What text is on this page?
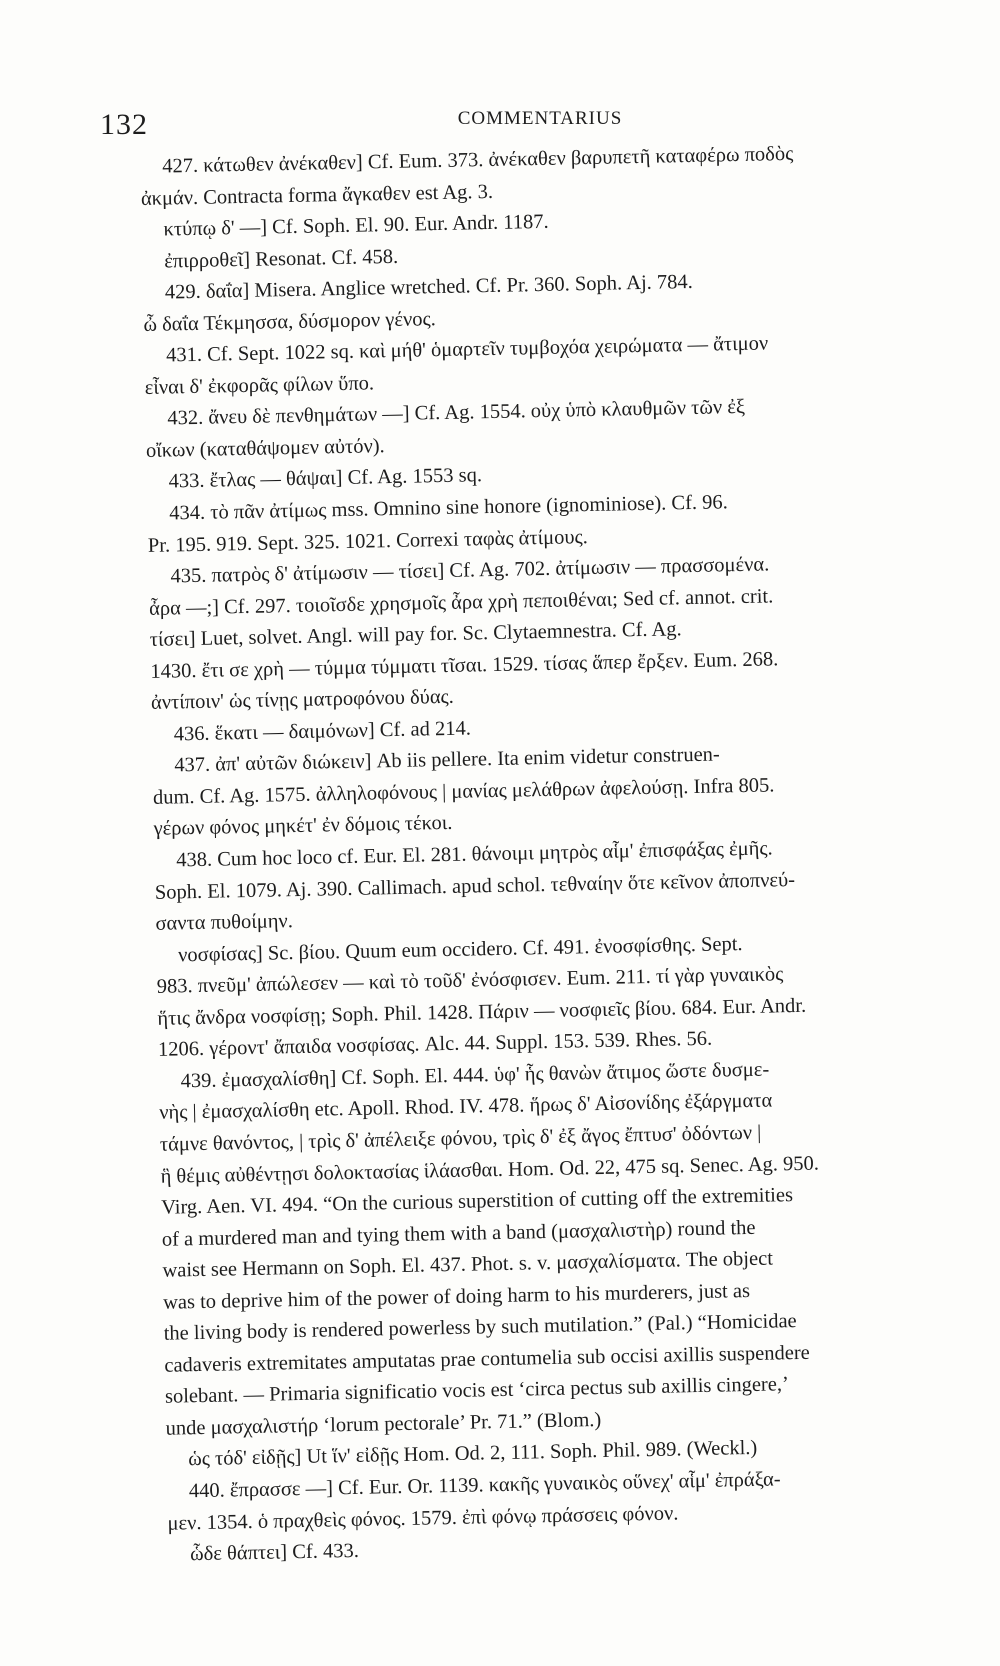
132	COMMENTARIUS
427. κάτωθεν ἀνέκαθεν] Cf. Eum. 373. ἀνέκαθεν βαρυπετῆ καταφέρω ποδὸς
ἀκμάν. Contracta forma ἄγκαθεν est Ag. 3.
κτύπῳ δ' —] Cf. Soph. El. 90. Eur. Andr. 1187.
ἐπιρροθεῖ] Resonat. Cf. 458.
429. δαΐα] Misera. Anglice wretched. Cf. Pr. 360. Soph. Aj. 784.
ὦ δαΐα Τέκμησσα, δύσμορον γένος.
431. Cf. Sept. 1022 sq. καὶ μήθ' ὁμαρτεῖν τυμβοχόα χειρώματα — ἄτιμον
εἶναι δ' ἐκφορᾶς φίλων ὕπο.
432. ἄνευ δὲ πενθημάτων —] Cf. Ag. 1554. οὐχ ὑπὸ κλαυθμῶν τῶν ἐξ
οἴκων (καταθάψομεν αὐτόν).
433. ἔτλας — θάψαι] Cf. Ag. 1553 sq.
434. τὸ πᾶν ἀτίμως mss. Omnino sine honore (ignominiose). Cf. 96.
Pr. 195. 919. Sept. 325. 1021. Correxi ταφὰς ἀτίμους.
435. πατρὸς δ' ἀτίμωσιν — τίσει] Cf. Ag. 702. ἀτίμωσιν — πρασσομένα.
ἆρα —;] Cf. 297. τοιοῖσδε χρησμοῖς ἆρα χρὴ πεποιθέναι; Sed cf. annot. crit.
τίσει] Luet, solvet. Angl. will pay for. Sc. Clytaemnestra. Cf. Ag.
1430. ἔτι σε χρὴ — τύμμα τύμματι τῖσαι. 1529. τίσας ἅπερ ἔρξεν. Eum. 268.
ἀντίποιν' ὡς τίνῃς ματροφόνου δύας.
436. ἕκατι — δαιμόνων] Cf. ad 214.
437. ἀπ' αὐτῶν διώκειν] Ab iis pellere. Ita enim videtur construen-
dum. Cf. Ag. 1575. ἀλληλοφόνους | μανίας μελάθρων ἀφελούσῃ. Infra 805.
γέρων φόνος μηκέτ' ἐν δόμοις τέκοι.
438. Cum hoc loco cf. Eur. El. 281. θάνοιμι μητρὸς αἷμ' ἐπισφάξας ἐμῆς.
Soph. El. 1079. Aj. 390. Callimach. apud schol. τεθναίην ὅτε κεῖνον ἀποπνεύ-
σαντα πυθοίμην.
νοσφίσας] Sc. βίου. Quum eum occidero. Cf. 491. ἐνοσφίσθης. Sept.
983. πνεῦμ' ἀπώλεσεν — καὶ τὸ τοῦδ' ἐνόσφισεν. Eum. 211. τί γὰρ γυναικὸς
ἥτις ἄνδρα νοσφίσῃ; Soph. Phil. 1428. Πάριν — νοσφιεῖς βίου. 684. Eur. Andr.
1206. γέροντ' ἄπαιδα νοσφίσας. Alc. 44. Suppl. 153. 539. Rhes. 56.
439. ἐμασχαλίσθη] Cf. Soph. El. 444. ὑφ' ἧς θανὼν ἄτιμος ὥστε δυσμε-
νὴς | ἐμασχαλίσθη etc. Apoll. Rhod. IV. 478. ἥρως δ' Αἰσονίδης ἐξάργματα
τάμνε θανόντος, | τρὶς δ' ἀπέλειξε φόνου, τρὶς δ' ἐξ ἄγος ἔπτυσ' ὀδόντων |
ἣ θέμις αὐθέντῃσι δολοκτασίας ἱλάασθαι. Hom. Od. 22, 475 sq. Senec. Ag. 950.
Virg. Aen. VI. 494. “On the curious superstition of cutting off the extremities
of a murdered man and tying them with a band (μασχαλιστὴρ) round the
waist see Hermann on Soph. El. 437. Phot. s. v. μασχαλίσματα. The object
was to deprive him of the power of doing harm to his murderers, just as
the living body is rendered powerless by such mutilation.” (Pal.) “Homicidae
cadaveris extremitates amputatas prae contumelia sub occisi axillis suspendere
solebant. — Primaria significatio vocis est ‘circa pectus sub axillis cingere,’
unde μασχαλιστήρ ‘lorum pectorale’ Pr. 71.” (Blom.)
ὡς τόδ' εἰδῇς] Ut ἵν' εἰδῇς Hom. Od. 2, 111. Soph. Phil. 989. (Weckl.)
440. ἔπρασσε —] Cf. Eur. Or. 1139. κακῆς γυναικὸς οὕνεχ' αἷμ' ἐπράξα-
μεν. 1354. ὁ πραχθεὶς φόνος. 1579. ἐπὶ φόνῳ πράσσεις φόνον.
ὧδε θάπτει] Cf. 433.
